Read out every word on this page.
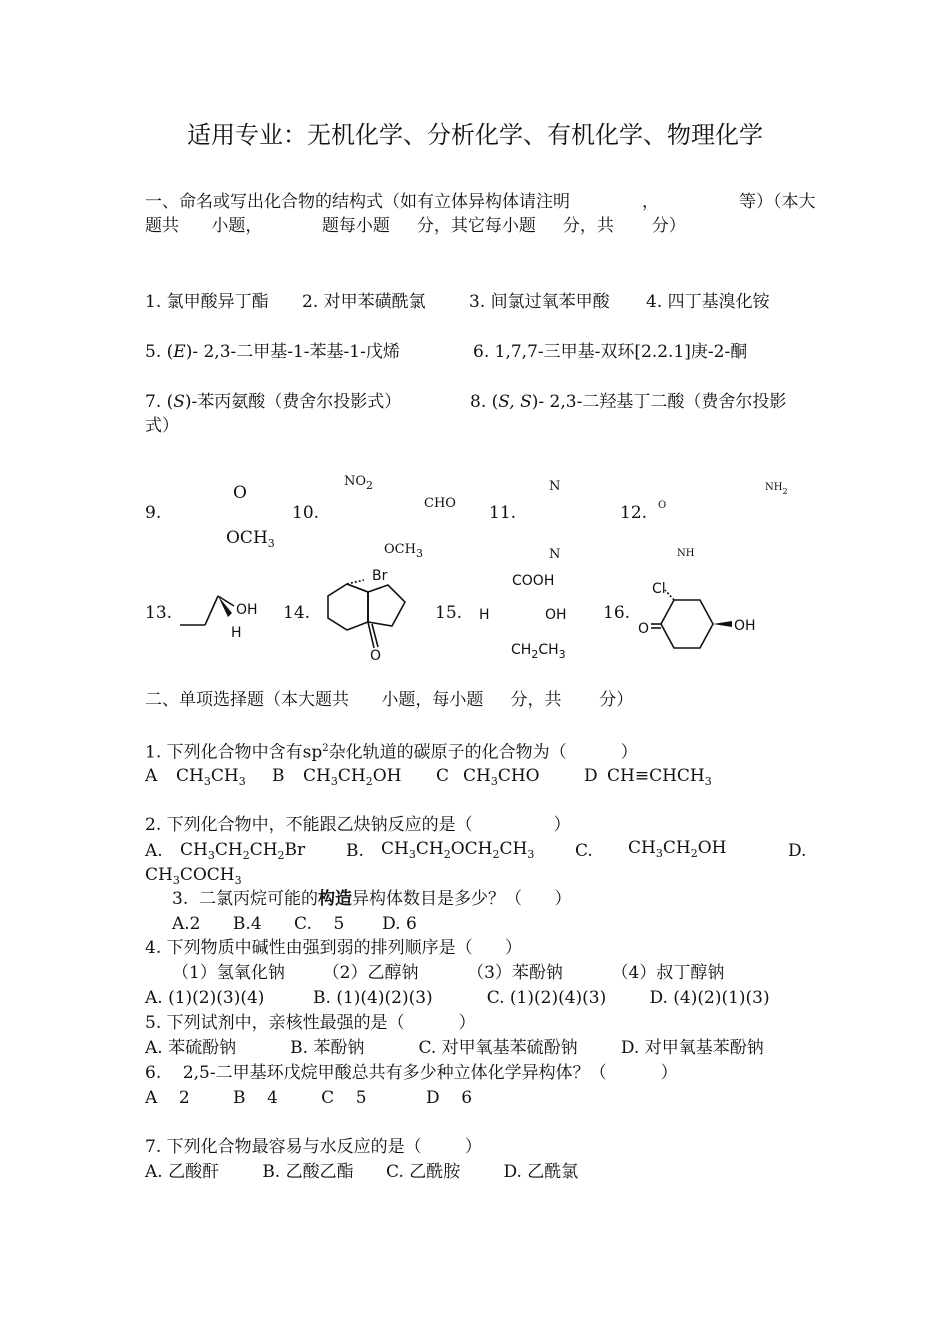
适用专业：无机化学、分析化学、有机化学、物理化学
一、命名或写出化合物的结构式（如有立体异构体请注明	，	等）（本大
题共      小题，           题每小题     分，其它每小题     分，共       分）
1. 氯甲酸异丁酯 2. 对甲苯磺酰氯	3. 间氯过氧苯甲酸 4. 四丁基溴化铵
5. (E)- 2,3-二甲基-1-苯基-1-戊烯	6. 1,7,7-三甲基-双环[2.2.1]庚-2-酮
7. (S)-苯丙氨酸（费舍尔投影式）	8. (S, S)- 2,3-二羟基丁二酸（费舍尔投影
式）
9.
O
$OCH_3$
10.
$NO_2$
CHO
$OCH_3$
11.
N
N
12. O
$NH_2$
NH
13.	OH
H
14.
Br
O
15.
COOH
H	OH
$CH_2CH_3$
16.
Cl
O	OH
二、单项选择题（本大题共      小题，每小题     分，共       分）
1. 下列化合物中含有$sp^2$杂化轨道的碳原子的化合物为（          ）
A $CH_3CH_3$ B $CH_3CH_2OH$ C $CH_3CHO$	D $CH\equiv CHCH_3$
2. 下列化合物中，不能跟乙炔钠反应的是（               ）
A. $CH_3CH_2CH_2Br$ B. $CH_3CH_2OCH_2CH_3$ C. $CH_3CH_2OH$	D.
$CH_3COCH_3$
3.  二氯丙烷可能的构造异构体数目是多少？（      ）
A.2      B.4      C.    5       D. 6
4. 下列物质中碱性由强到弱的排列顺序是（      ）
（1）氢氧化钠       （2）乙醇钠         （3）苯酚钠         （4）叔丁醇钠
A. (1)(2)(3)(4)         B. (1)(4)(2)(3)          C. (1)(2)(4)(3)        D. (4)(2)(1)(3)
5. 下列试剂中，亲核性最强的是（          ）
A. 苯硫酚钠          B. 苯酚钠          C. 对甲氧基苯硫酚钠        D. 对甲氧基苯酚钠
6.    2,5-二甲基环戊烷甲酸总共有多少种立体化学异构体？（          ）
A    2        B    4        C    5           D    6
7. 下列化合物最容易与水反应的是（        ）
A. 乙酸酐        B. 乙酸乙酯      C. 乙酰胺        D. 乙酰氯
